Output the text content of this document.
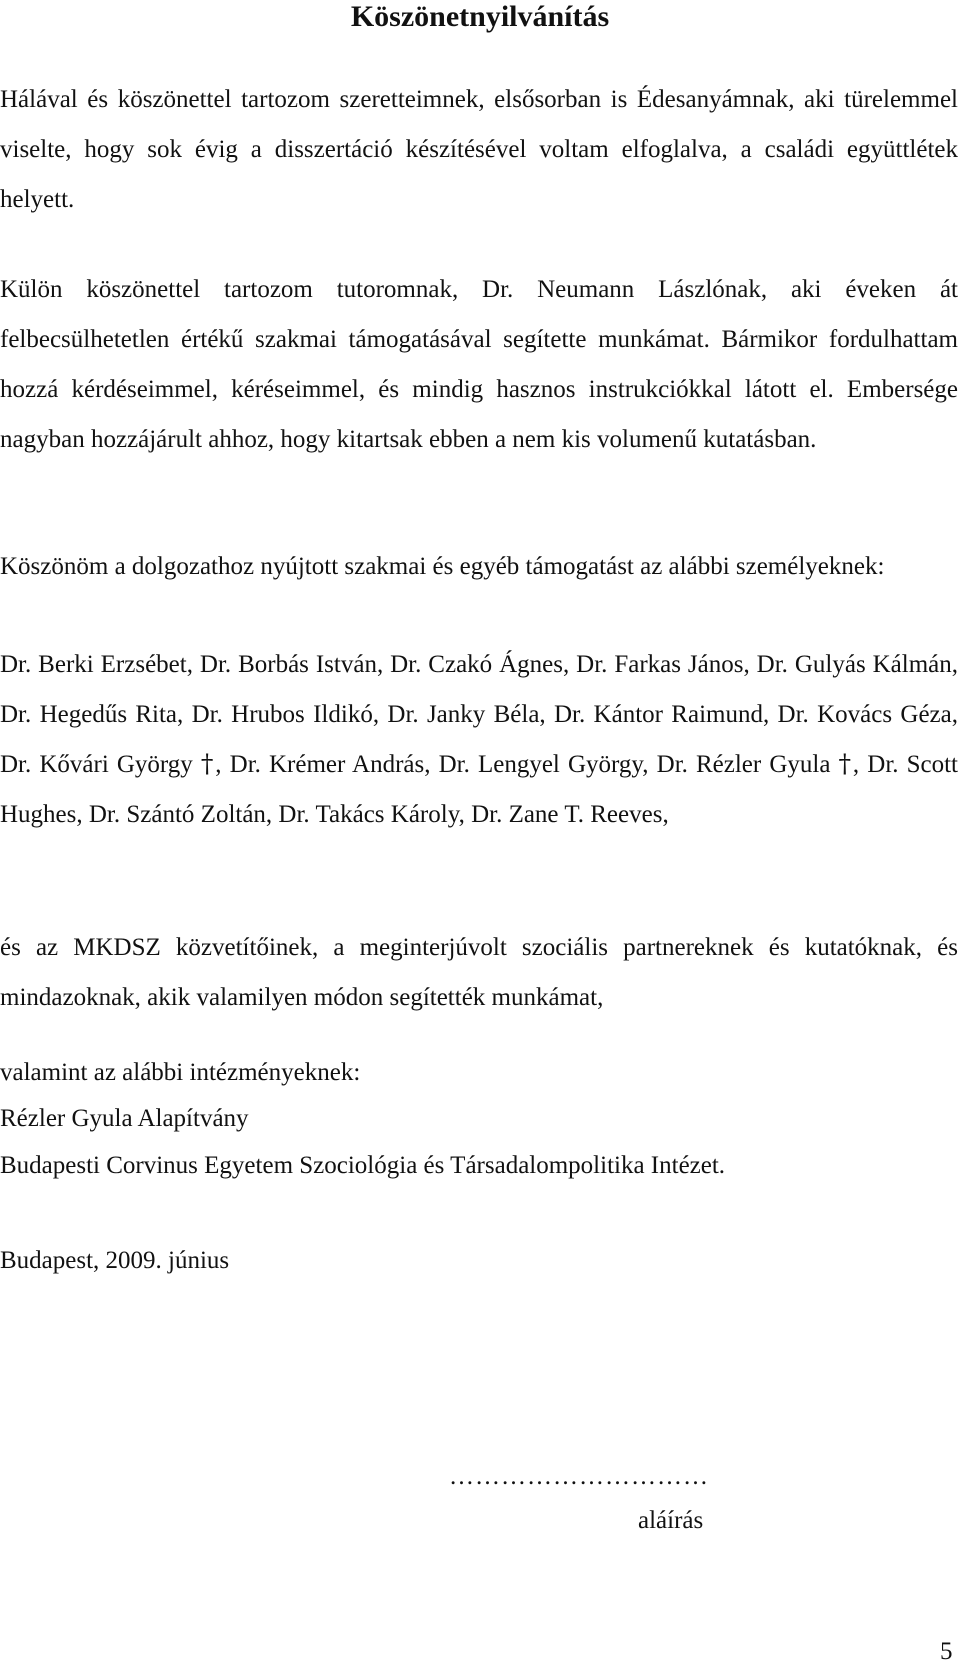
Köszönetnyilvánítás

Hálával és köszönettel tartozom szeretteimnek, elsősorban is Édesanyámnak, aki türelemmel viselte, hogy sok évig a disszertáció készítésével voltam elfoglalva, a családi együttlétek helyett.

Külön köszönettel tartozom tutoromnak, Dr. Neumann Lászlónak, aki éveken át felbecsülhetetlen értékű szakmai támogatásával segítette munkámat. Bármikor fordulhattam hozzá kérdéseimmel, kéréseimmel, és mindig hasznos instrukciókkal látott el. Embersége nagyban hozzájárult ahhoz, hogy kitartsak ebben a nem kis volumenű kutatásban.

Köszönöm a dolgozathoz nyújtott szakmai és egyéb támogatást az alábbi személyeknek:

Dr. Berki Erzsébet, Dr. Borbás István, Dr. Czakó Ágnes, Dr. Farkas János, Dr. Gulyás Kálmán, Dr. Hegedűs Rita, Dr. Hrubos Ildikó, Dr. Janky Béla, Dr. Kántor Raimund, Dr. Kovács Géza, Dr. Kővári György †, Dr. Krémer András, Dr. Lengyel György, Dr. Rézler Gyula †, Dr. Scott Hughes, Dr. Szántó Zoltán, Dr. Takács Károly, Dr. Zane T. Reeves,

és az MKDSZ közvetítőinek, a meginterjúvolt szociális partnereknek és kutatóknak, és mindazoknak, akik valamilyen módon segítették munkámat,

valamint az alábbi intézményeknek:

Rézler Gyula Alapítvány

Budapesti Corvinus Egyetem Szociológia és Társadalompolitika Intézet.

Budapest, 2009. június

…………………………
aláírás
5
